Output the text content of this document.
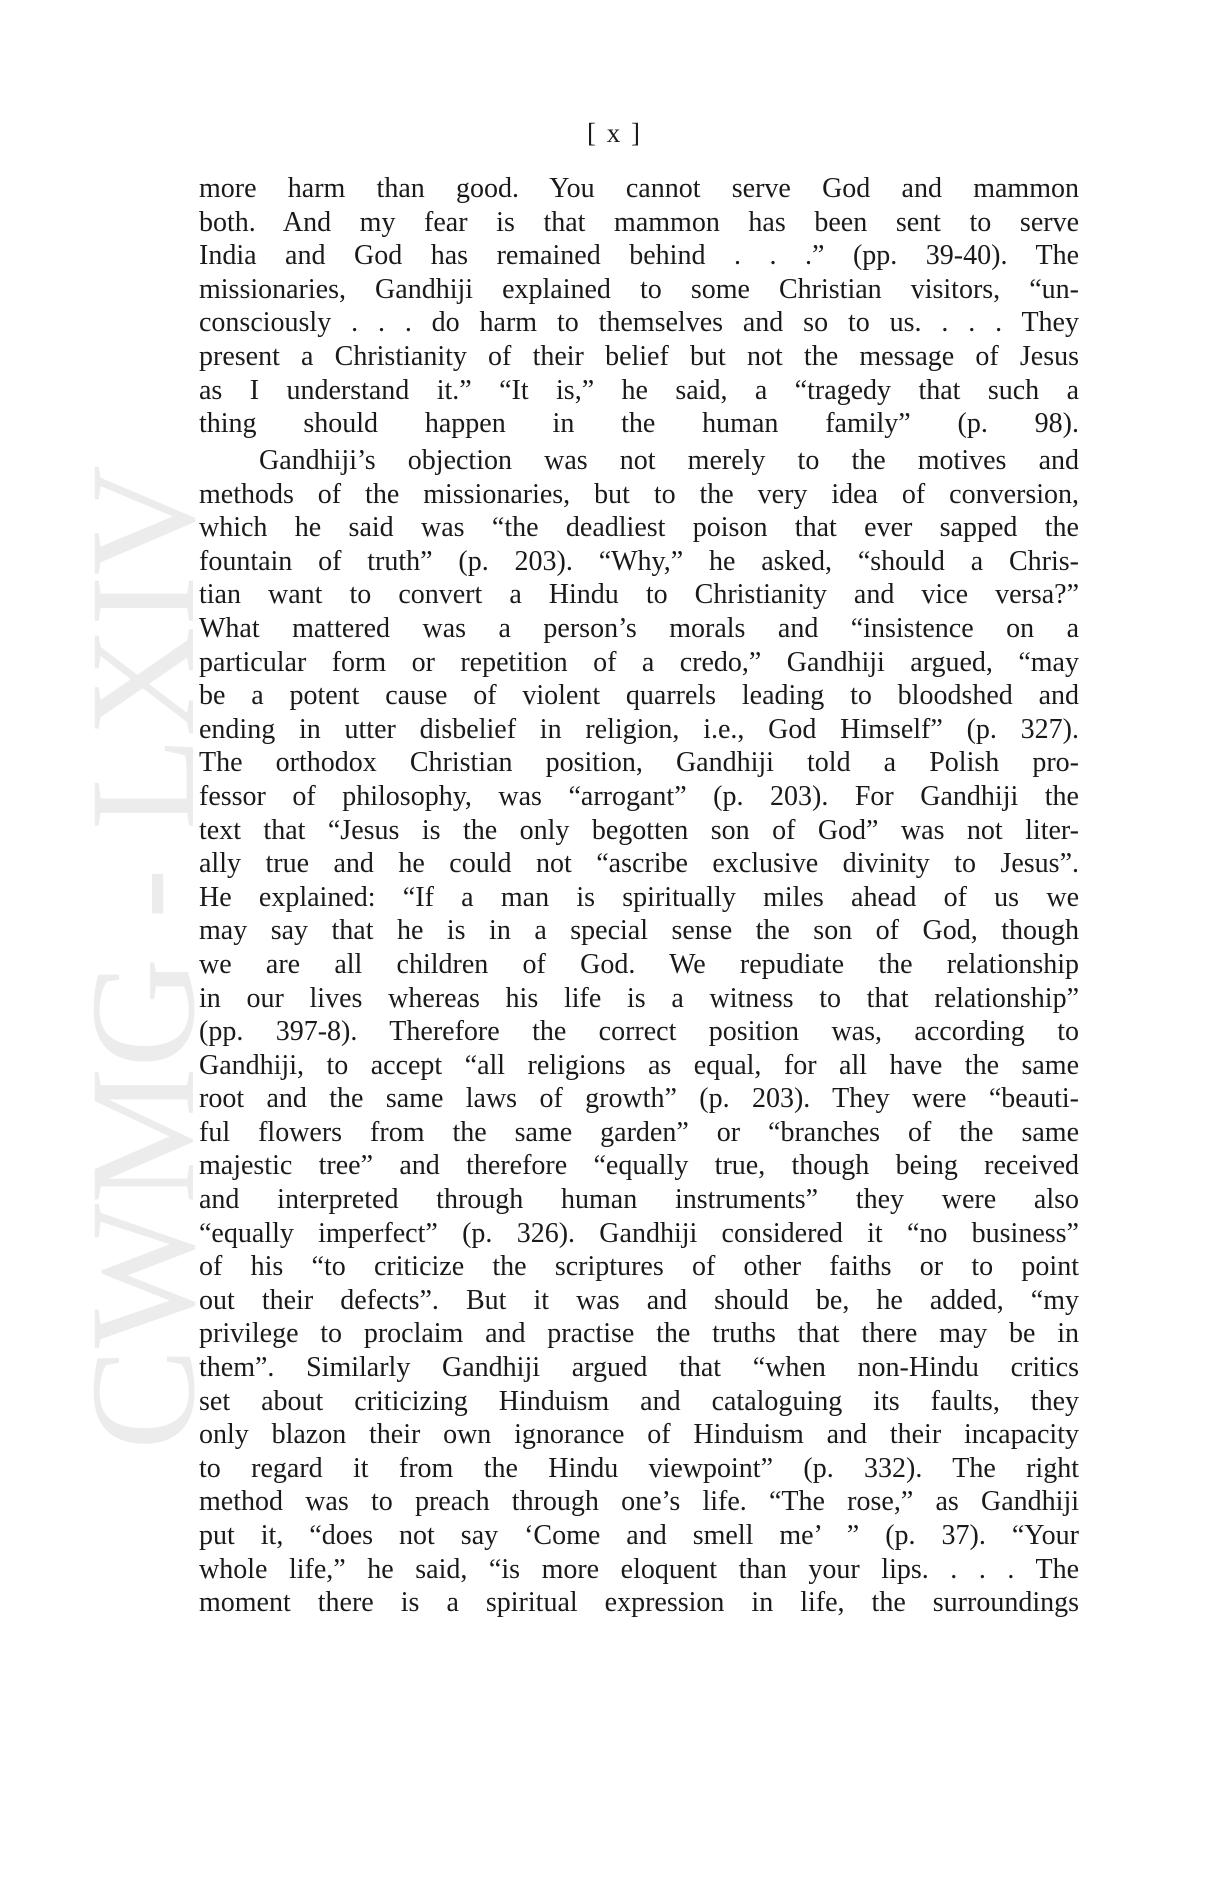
CWMG - LXIV
[ x ]
more harm than good. You cannot serve God and mammon
both. And my fear is that mammon has been sent to serve
India and God has remained behind . . .” (pp. 39-40). The
missionaries, Gandhiji explained to some Christian visitors, “un-
consciously . . . do harm to themselves and so to us. . . . They
present a Christianity of their belief but not the message of Jesus
as I understand it.” “It is,” he said, a “tragedy that such a
thing should happen in the human family” (p. 98).
Gandhiji’s objection was not merely to the motives and
methods of the missionaries, but to the very idea of conversion,
which he said was “the deadliest poison that ever sapped the
fountain of truth” (p. 203). “Why,” he asked, “should a Chris-
tian want to convert a Hindu to Christianity and vice versa?”
What mattered was a person’s morals and “insistence on a
particular form or repetition of a credo,” Gandhiji argued, “may
be a potent cause of violent quarrels leading to bloodshed and
ending in utter disbelief in religion, i.e., God Himself” (p. 327).
The orthodox Christian position, Gandhiji told a Polish pro-
fessor of philosophy, was “arrogant” (p. 203). For Gandhiji the
text that “Jesus is the only begotten son of God” was not liter-
ally true and he could not “ascribe exclusive divinity to Jesus”.
He explained: “If a man is spiritually miles ahead of us we
may say that he is in a special sense the son of God, though
we are all children of God. We repudiate the relationship
in our lives whereas his life is a witness to that relationship”
(pp. 397-8). Therefore the correct position was, according to
Gandhiji, to accept “all religions as equal, for all have the same
root and the same laws of growth” (p. 203). They were “beauti-
ful flowers from the same garden” or “branches of the same
majestic tree” and therefore “equally true, though being received
and interpreted through human instruments” they were also
“equally imperfect” (p. 326). Gandhiji considered it “no business”
of his “to criticize the scriptures of other faiths or to point
out their defects”. But it was and should be, he added, “my
privilege to proclaim and practise the truths that there may be in
them”. Similarly Gandhiji argued that “when non-Hindu critics
set about criticizing Hinduism and cataloguing its faults, they
only blazon their own ignorance of Hinduism and their incapacity
to regard it from the Hindu viewpoint” (p. 332). The right
method was to preach through one’s life. “The rose,” as Gandhiji
put it, “does not say ‘Come and smell me’ ” (p. 37). “Your
whole life,” he said, “is more eloquent than your lips. . . . The
moment there is a spiritual expression in life, the surroundings
